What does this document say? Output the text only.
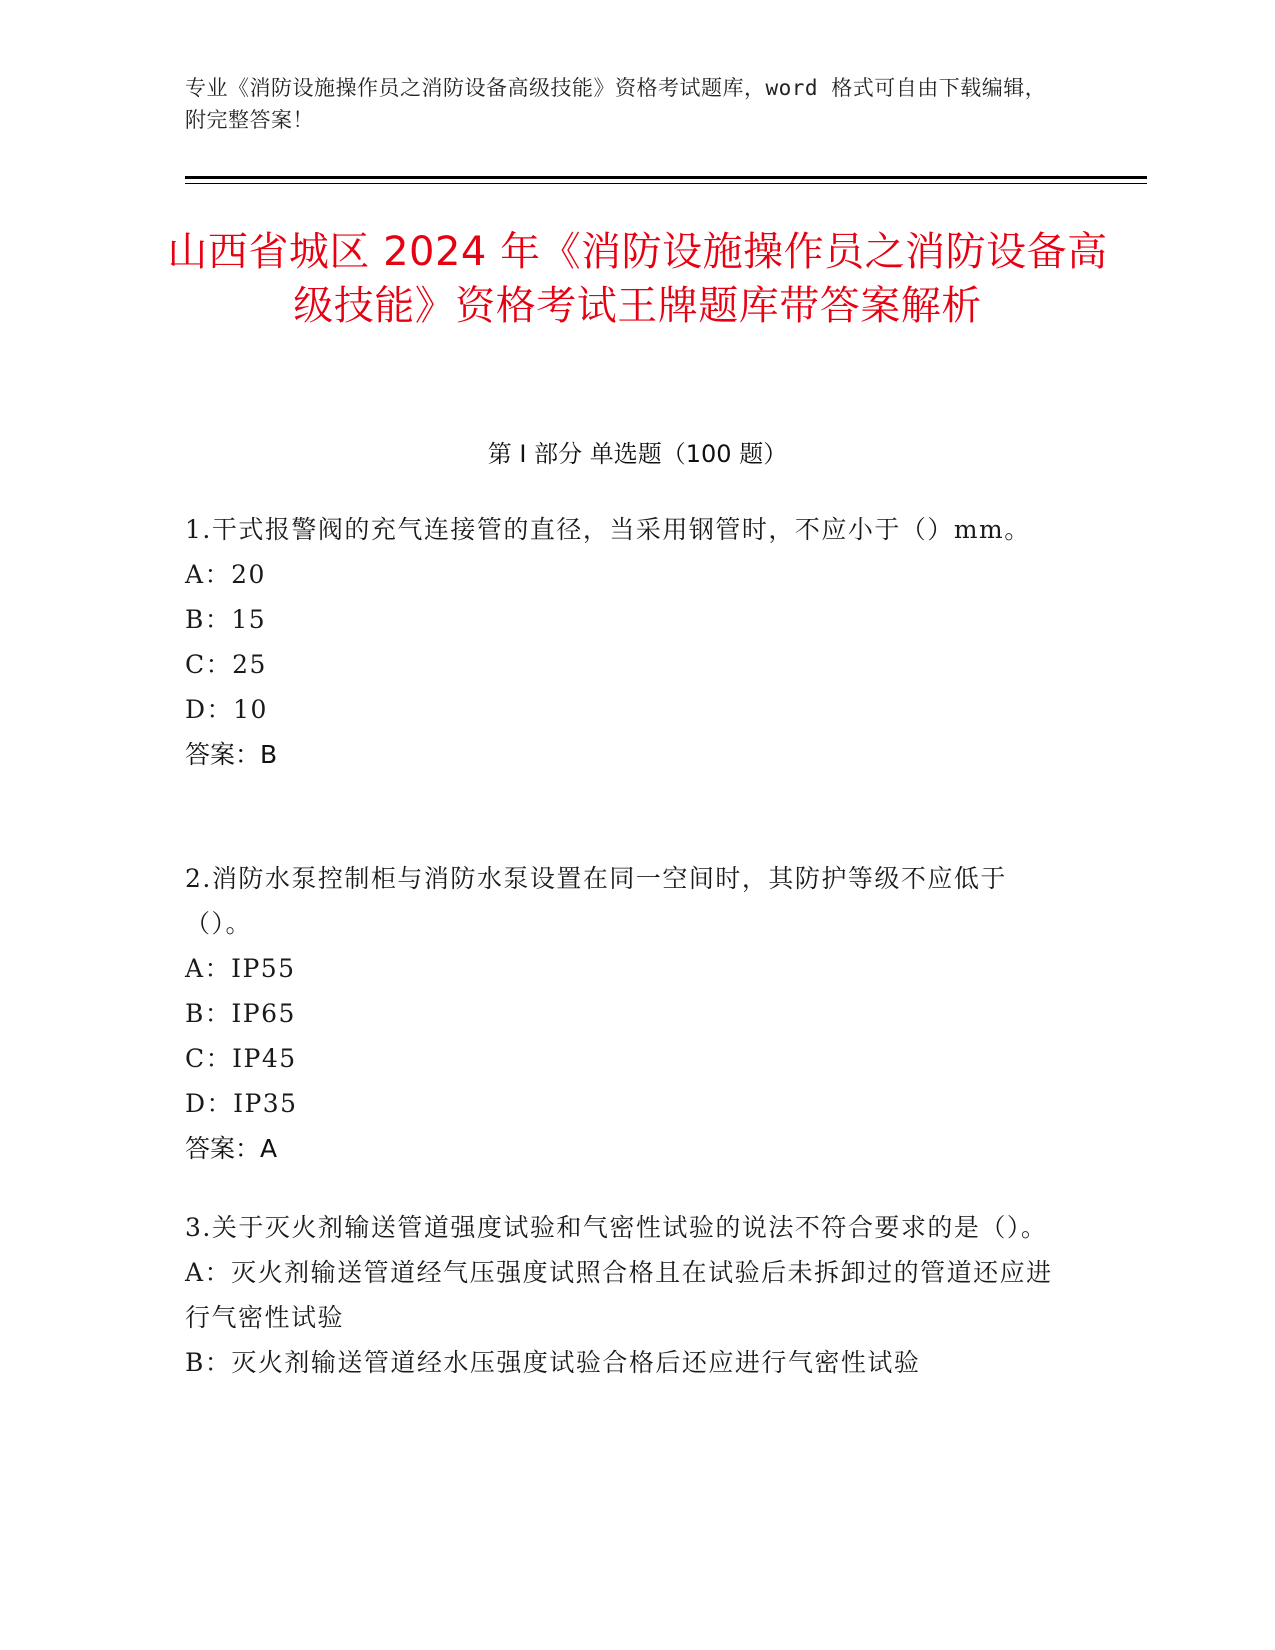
专业《消防设施操作员之消防设备高级技能》资格考试题库，word 格式可自由下载编辑，附完整答案！
山西省城区 2024 年《消防设施操作员之消防设备高级技能》资格考试王牌题库带答案解析
第 I 部分 单选题（100 题）

1.干式报警阀的充气连接管的直径，当采用钢管时，不应小于（）mm。

A：20

B：15

C：25

D：10

答案：B

2.消防水泵控制柜与消防水泵设置在同一空间时，其防护等级不应低于（）。

A：IP55

B：IP65

C：IP45

D：IP35

答案：A

3.关于灭火剂输送管道强度试验和气密性试验的说法不符合要求的是（）。

A：灭火剂输送管道经气压强度试照合格且在试验后未拆卸过的管道还应进行气密性试验

B：灭火剂输送管道经水压强度试验合格后还应进行气密性试验
